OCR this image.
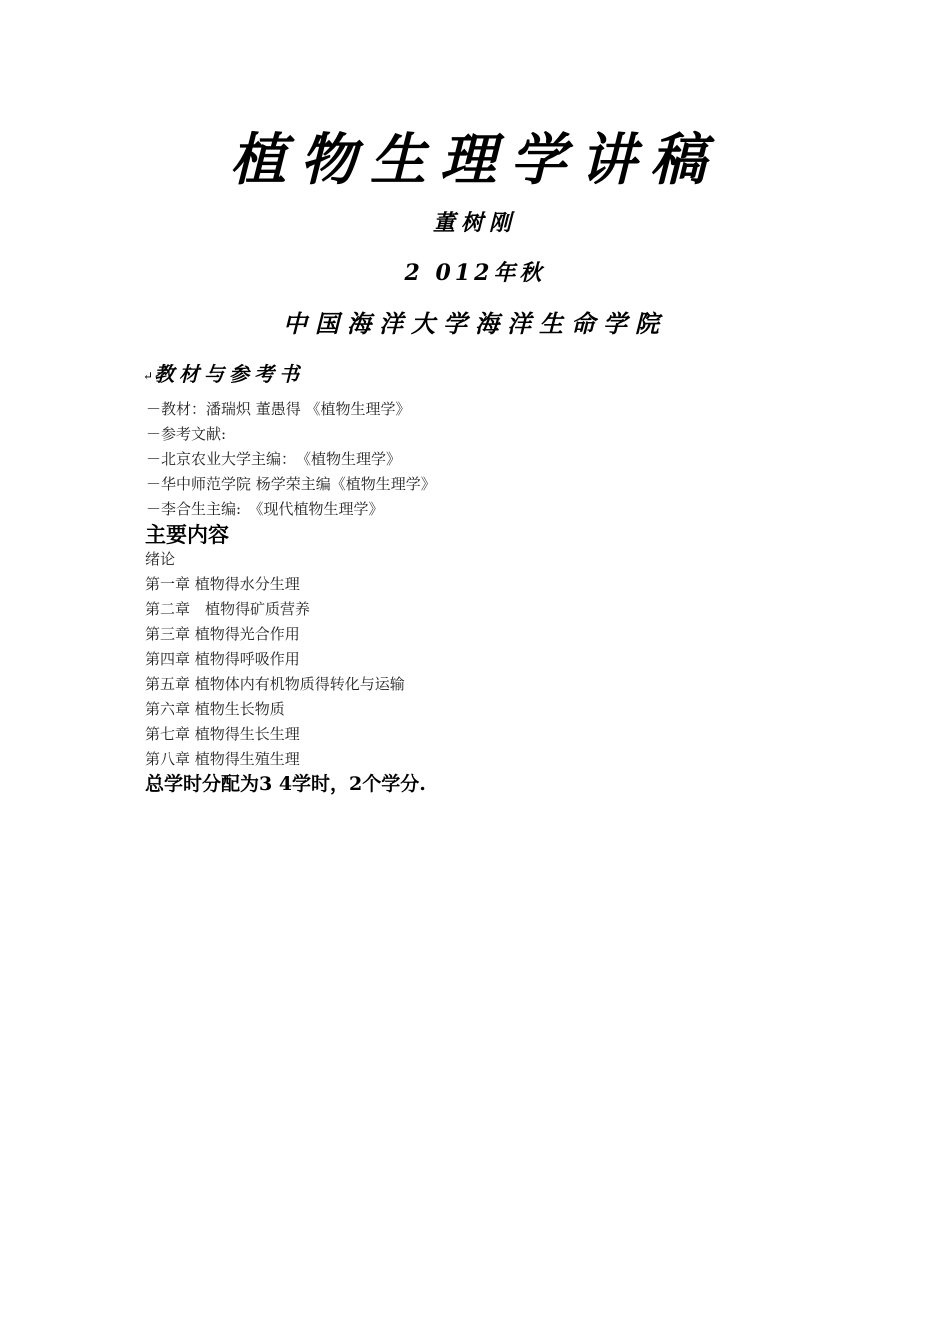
植物生理学讲稿
董树刚
2 012年秋
中国海洋大学海洋生命学院
↵ 教材与参考书
－教材：潘瑞炽 董愚得 《植物生理学》
－参考文献:
－北京农业大学主编：　《植物生理学》
－华中师范学院 杨学荣主编《植物生理学》
－李合生主编:　《现代植物生理学》
主要内容
绪论
第一章 植物得水分生理
第二章　植物得矿质营养
第三章 植物得光合作用
第四章 植物得呼吸作用
第五章 植物体内有机物质得转化与运输
第六章 植物生长物质
第七章 植物得生长生理
第八章 植物得生殖生理
总学时分配为3 4学时，2个学分.
